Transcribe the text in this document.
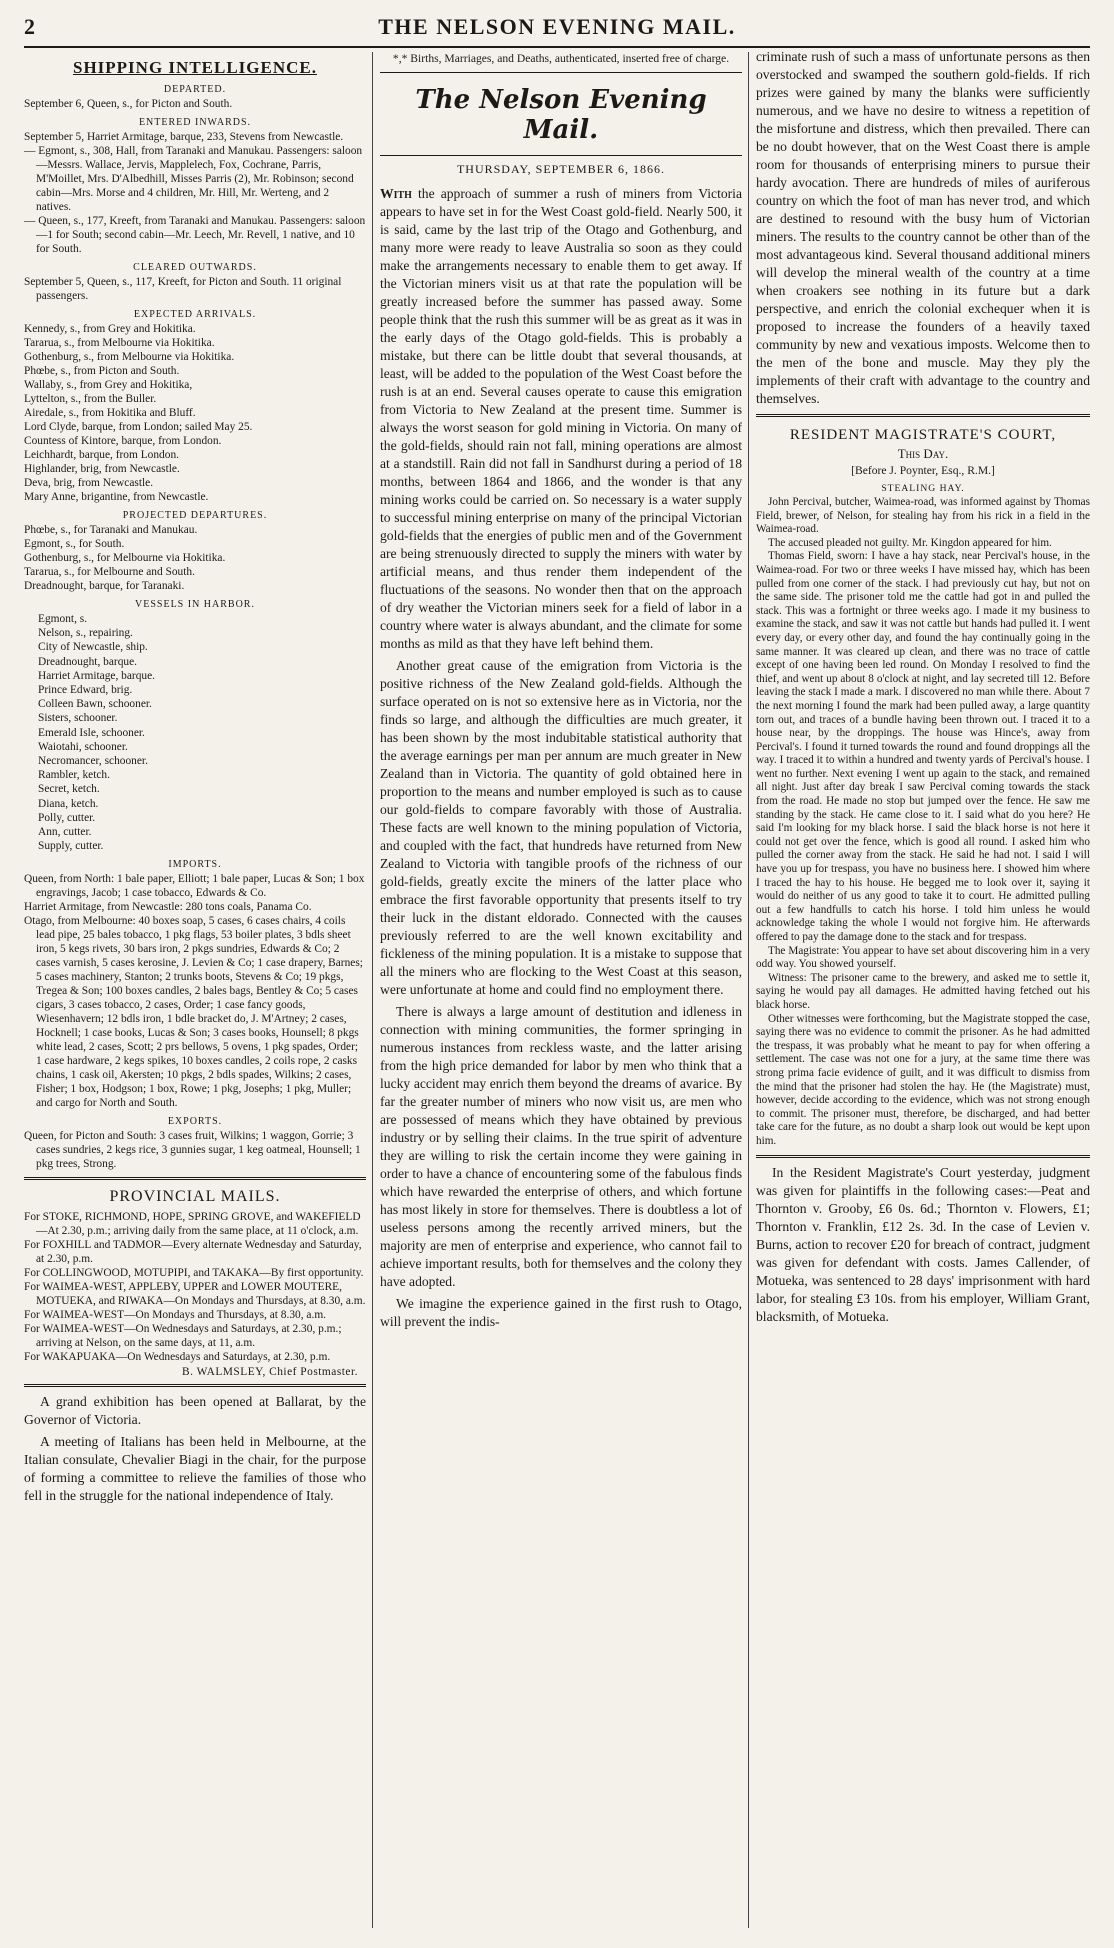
2	THE NELSON EVENING MAIL.
SHIPPING INTELLIGENCE.
DEPARTED.
September 6, Queen, s., for Picton and South.
ENTERED INWARDS.
September 5, Harriet Armitage, barque, 233, Stevens from Newcastle.
— Egmont, s., 308, Hall, from Taranaki and Manukau. Passengers: saloon—Messrs. Wallace, Jervis, Mapplelech, Fox, Cochrane, Parris, M'Moillet, Mrs. D'Albedhill, Misses Parris (2), Mr. Robinson; second cabin—Mrs. Morse and 4 children, Mr. Hill, Mr. Werteng, and 2 natives.
— Queen, s., 177, Kreeft, from Taranaki and Manukau. Passengers: saloon—1 for South; second cabin—Mr. Leech, Mr. Revell, 1 native, and 10 for South.
CLEARED OUTWARDS.
September 5, Queen, s., 117, Kreeft, for Picton and South. 11 original passengers.
EXPECTED ARRIVALS.
Kennedy, s., from Grey and Hokitika.
Tararua, s., from Melbourne via Hokitika.
Gothenburg, s., from Melbourne via Hokitika.
Phœbe, s., from Picton and South.
Wallaby, s., from Grey and Hokitika,
Lyttelton, s., from the Buller.
Airedale, s., from Hokitika and Bluff.
Lord Clyde, barque, from London; sailed May 25.
Countess of Kintore, barque, from London.
Leichhardt, barque, from London.
Highlander, brig, from Newcastle.
Deva, brig, from Newcastle.
Mary Anne, brigantine, from Newcastle.
PROJECTED DEPARTURES.
Phœbe, s., for Taranaki and Manukau.
Egmont, s., for South.
Gothenburg, s., for Melbourne via Hokitika.
Tararua, s., for Melbourne and South.
Dreadnought, barque, for Taranaki.
VESSELS IN HARBOR.
Egmont, s.
Nelson, s., repairing.
City of Newcastle, ship.
Dreadnought, barque.
Harriet Armitage, barque.
Prince Edward, brig.
Colleen Bawn, schooner.
Sisters, schooner.
Emerald Isle, schooner.
Waiotahi, schooner.
Necromancer, schooner.
Rambler, ketch.
Secret, ketch.
Diana, ketch.
Polly, cutter.
Ann, cutter.
Supply, cutter.
IMPORTS.
Queen, from North: 1 bale paper, Elliott; 1 bale paper, Lucas & Son; 1 box engravings, Jacob; 1 case tobacco, Edwards & Co.
Harriet Armitage, from Newcastle: 280 tons coals, Panama Co.
Otago, from Melbourne: 40 boxes soap, 5 cases, 6 cases chairs, 4 coils lead pipe, 25 bales tobacco, 1 pkg flags, 53 boiler plates, 3 bdls sheet iron, 5 kegs rivets, 30 bars iron, 2 pkgs sundries, Edwards & Co; 2 cases varnish, 5 cases kerosine, J. Levien & Co; 1 case drapery, Barnes; 5 cases machinery, Stanton; 2 trunks boots, Stevens & Co; 19 pkgs, Tregea & Son; 100 boxes candles, 2 bales bags, Bentley & Co; 5 cases cigars, 3 cases tobacco, 2 cases, Order; 1 case fancy goods, Wiesenhavern; 12 bdls iron, 1 bdle bracket do, J. M'Artney; 2 cases, Hocknell; 1 case books, Lucas & Son; 3 cases books, Hounsell; 8 pkgs white lead, 2 cases, Scott; 2 prs bellows, 5 ovens, 1 pkg spades, Order; 1 case hardware, 2 kegs spikes, 10 boxes candles, 2 coils rope, 2 casks chains, 1 cask oil, Akersten; 10 pkgs, 2 bdls spades, Wilkins; 2 cases, Fisher; 1 box, Hodgson; 1 box, Rowe; 1 pkg, Josephs; 1 pkg, Muller; and cargo for North and South.
EXPORTS.
Queen, for Picton and South: 3 cases fruit, Wilkins; 1 waggon, Gorrie; 3 cases sundries, 2 kegs rice, 3 gunnies sugar, 1 keg oatmeal, Hounsell; 1 pkg trees, Strong.
PROVINCIAL MAILS.
For STOKE, RICHMOND, HOPE, SPRING GROVE, and WAKEFIELD—At 2.30, p.m.; arriving daily from the same place, at 11 o'clock, a.m.
For FOXHILL and TADMOR—Every alternate Wednesday and Saturday, at 2.30, p.m.
For COLLINGWOOD, MOTUPIPI, and TAKAKA—By first opportunity.
For WAIMEA-WEST, APPLEBY, UPPER and LOWER MOUTERE, MOTUEKA, and RIWAKA—On Mondays and Thursdays, at 8.30, a.m.
For WAIMEA-WEST—On Mondays and Thursdays, at 8.30, a.m.
For WAIMEA-WEST—On Wednesdays and Saturdays, at 2.30, p.m.; arriving at Nelson, on the same days, at 11, a.m.
For WAKAPUAKA—On Wednesdays and Saturdays, at 2.30, p.m.
B. WALMSLEY, Chief Postmaster.

A grand exhibition has been opened at Ballarat, by the Governor of Victoria.

A meeting of Italians has been held in Melbourne, at the Italian consulate, Chevalier Biagi in the chair, for the purpose of forming a committee to relieve the families of those who fell in the struggle for the national independence of Italy.

*,* Births, Marriages, and Deaths, authenticated, inserted free of charge.
The Nelson Evening Mail.
THURSDAY, SEPTEMBER 6, 1866.

With the approach of summer a rush of miners from Victoria appears to have set in for the West Coast gold-field. Nearly 500, it is said, came by the last trip of the Otago and Gothenburg, and many more were ready to leave Australia so soon as they could make the arrangements necessary to enable them to get away. If the Victorian miners visit us at that rate the population will be greatly increased before the summer has passed away. Some people think that the rush this summer will be as great as it was in the early days of the Otago gold-fields. This is probably a mistake, but there can be little doubt that several thousands, at least, will be added to the population of the West Coast before the rush is at an end. Several causes operate to cause this emigration from Victoria to New Zealand at the present time. Summer is always the worst season for gold mining in Victoria. On many of the gold-fields, should rain not fall, mining operations are almost at a standstill. Rain did not fall in Sandhurst during a period of 18 months, between 1864 and 1866, and the wonder is that any mining works could be carried on. So necessary is a water supply to successful mining enterprise on many of the principal Victorian gold-fields that the energies of public men and of the Government are being strenuously directed to supply the miners with water by artificial means, and thus render them independent of the fluctuations of the seasons. No wonder then that on the approach of dry weather the Victorian miners seek for a field of labor in a country where water is always abundant, and the climate for some months as mild as that they have left behind them.

Another great cause of the emigration from Victoria is the positive richness of the New Zealand gold-fields. Although the surface operated on is not so extensive here as in Victoria, nor the finds so large, and although the difficulties are much greater, it has been shown by the most indubitable statistical authority that the average earnings per man per annum are much greater in New Zealand than in Victoria. The quantity of gold obtained here in proportion to the means and number employed is such as to cause our gold-fields to compare favorably with those of Australia. These facts are well known to the mining population of Victoria, and coupled with the fact, that hundreds have returned from New Zealand to Victoria with tangible proofs of the richness of our gold-fields, greatly excite the miners of the latter place who embrace the first favorable opportunity that presents itself to try their luck in the distant eldorado. Connected with the causes previously referred to are the well known excitability and fickleness of the mining population. It is a mistake to suppose that all the miners who are flocking to the West Coast at this season, were unfortunate at home and could find no employment there.

There is always a large amount of destitution and idleness in connection with mining communities, the former springing in numerous instances from reckless waste, and the latter arising from the high price demanded for labor by men who think that a lucky accident may enrich them beyond the dreams of avarice. By far the greater number of miners who now visit us, are men who are possessed of means which they have obtained by previous industry or by selling their claims. In the true spirit of adventure they are willing to risk the certain income they were gaining in order to have a chance of encountering some of the fabulous finds which have rewarded the enterprise of others, and which fortune has most likely in store for themselves. There is doubtless a lot of useless persons among the recently arrived miners, but the majority are men of enterprise and experience, who cannot fail to achieve important results, both for themselves and the colony they have adopted.

We imagine the experience gained in the first rush to Otago, will prevent the indis-

criminate rush of such a mass of unfortunate persons as then overstocked and swamped the southern gold-fields. If rich prizes were gained by many the blanks were sufficiently numerous, and we have no desire to witness a repetition of the misfortune and distress, which then prevailed. There can be no doubt however, that on the West Coast there is ample room for thousands of enterprising miners to pursue their hardy avocation. There are hundreds of miles of auriferous country on which the foot of man has never trod, and which are destined to resound with the busy hum of Victorian miners. The results to the country cannot be other than of the most advantageous kind. Several thousand additional miners will develop the mineral wealth of the country at a time when croakers see nothing in its future but a dark perspective, and enrich the colonial exchequer when it is proposed to increase the founders of a heavily taxed community by new and vexatious imposts. Welcome then to the men of the bone and muscle. May they ply the implements of their craft with advantage to the country and themselves.

RESIDENT MAGISTRATE'S COURT,
This Day.
[Before J. Poynter, Esq., R.M.]
STEALING HAY.

John Percival, butcher, Waimea-road, was informed against by Thomas Field, brewer, of Nelson, for stealing hay from his rick in a field in the Waimea-road.

The accused pleaded not guilty. Mr. Kingdon appeared for him.

Thomas Field, sworn: I have a hay stack, near Percival's house, in the Waimea-road. For two or three weeks I have missed hay, which has been pulled from one corner of the stack. I had previously cut hay, but not on the same side. The prisoner told me the cattle had got in and pulled the stack. This was a fortnight or three weeks ago. I made it my business to examine the stack, and saw it was not cattle but hands had pulled it. I went every day, or every other day, and found the hay continually going in the same manner. It was cleared up clean, and there was no trace of cattle except of one having been led round. On Monday I resolved to find the thief, and went up about 8 o'clock at night, and lay secreted till 12. Before leaving the stack I made a mark. I discovered no man while there. About 7 the next morning I found the mark had been pulled away, a large quantity torn out, and traces of a bundle having been thrown out. I traced it to a house near, by the droppings. The house was Hince's, away from Percival's. I found it turned towards the round and found droppings all the way. I traced it to within a hundred and twenty yards of Percival's house. I went no further. Next evening I went up again to the stack, and remained all night. Just after day break I saw Percival coming towards the stack from the road. He made no stop but jumped over the fence. He saw me standing by the stack. He came close to it. I said what do you here? He said I'm looking for my black horse. I said the black horse is not here it could not get over the fence, which is good all round. I asked him who pulled the corner away from the stack. He said he had not. I said I will have you up for trespass, you have no business here. I showed him where I traced the hay to his house. He begged me to look over it, saying it would do neither of us any good to take it to court. He admitted pulling out a few handfulls to catch his horse. I told him unless he would acknowledge taking the whole I would not forgive him. He afterwards offered to pay the damage done to the stack and for trespass.

The Magistrate: You appear to have set about discovering him in a very odd way. You showed yourself.

Witness: The prisoner came to the brewery, and asked me to settle it, saying he would pay all damages. He admitted having fetched out his black horse.

Other witnesses were forthcoming, but the Magistrate stopped the case, saying there was no evidence to commit the prisoner. As he had admitted the trespass, it was probably what he meant to pay for when offering a settlement. The case was not one for a jury, at the same time there was strong prima facie evidence of guilt, and it was difficult to dismiss from the mind that the prisoner had stolen the hay. He (the Magistrate) must, however, decide according to the evidence, which was not strong enough to commit. The prisoner must, therefore, be discharged, and had better take care for the future, as no doubt a sharp look out would be kept upon him.

In the Resident Magistrate's Court yesterday, judgment was given for plaintiffs in the following cases:—Peat and Thornton v. Grooby, £6 0s. 6d.; Thornton v. Flowers, £1; Thornton v. Franklin, £12 2s. 3d. In the case of Levien v. Burns, action to recover £20 for breach of contract, judgment was given for defendant with costs. James Callender, of Motueka, was sentenced to 28 days' imprisonment with hard labor, for stealing £3 10s. from his employer, William Grant, blacksmith, of Motueka.
